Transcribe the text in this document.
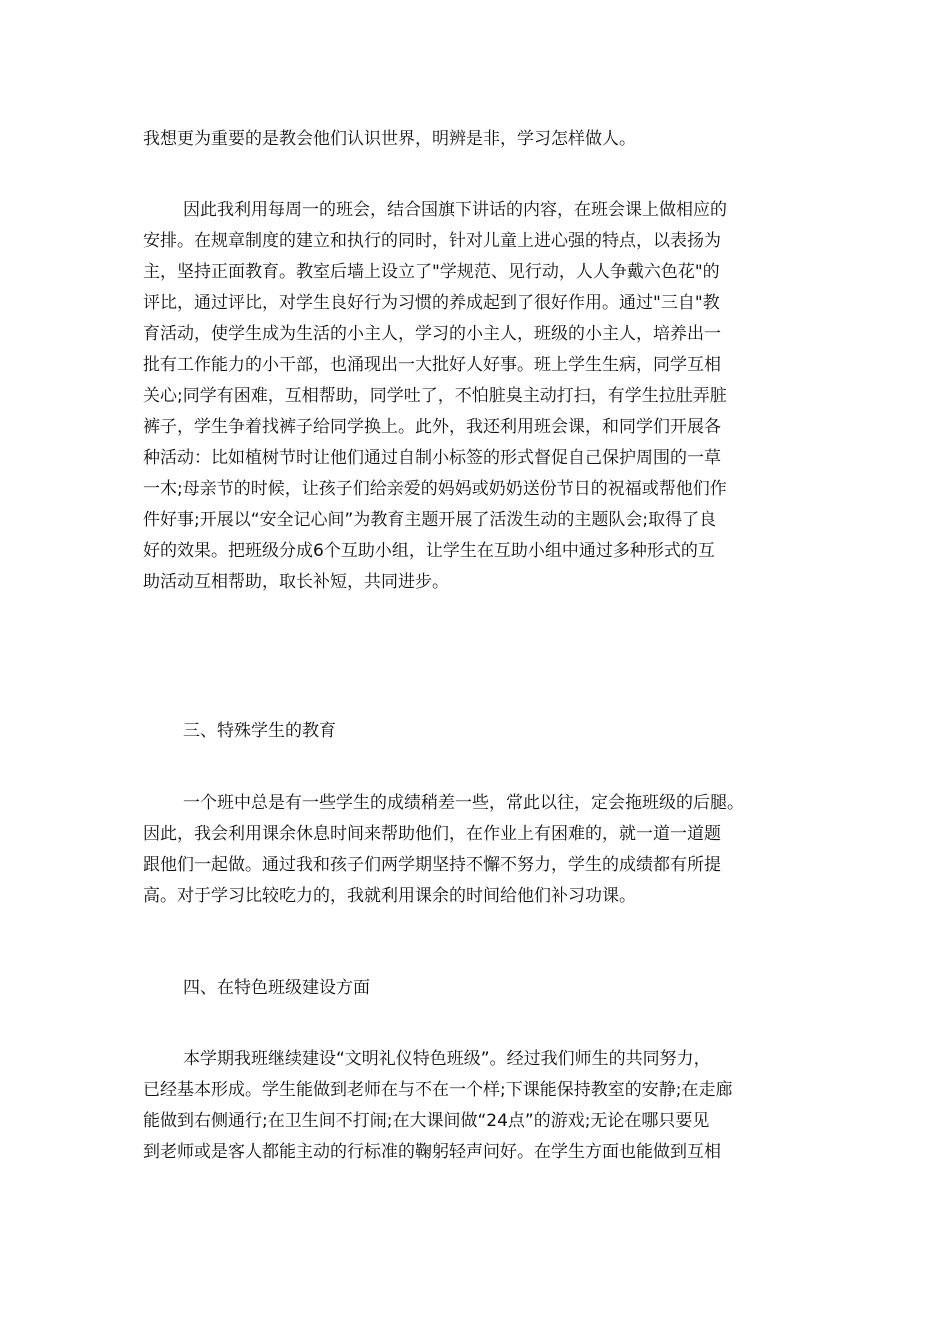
我想更为重要的是教会他们认识世界，明辨是非，学习怎样做人。
因此我利用每周一的班会，结合国旗下讲话的内容，在班会课上做相应的
安排。在规章制度的建立和执行的同时，针对儿童上进心强的特点，以表扬为
主，坚持正面教育。教室后墙上设立了"学规范、见行动，人人争戴六色花"的
评比，通过评比，对学生良好行为习惯的养成起到了很好作用。通过"三自"教
育活动，使学生成为生活的小主人，学习的小主人，班级的小主人，培养出一
批有工作能力的小干部，也涌现出一大批好人好事。班上学生生病，同学互相
关心;同学有困难，互相帮助，同学吐了，不怕脏臭主动打扫，有学生拉肚弄脏
裤子，学生争着找裤子给同学换上。此外，我还利用班会课，和同学们开展各
种活动：比如植树节时让他们通过自制小标签的形式督促自己保护周围的一草
一木;母亲节的时候，让孩子们给亲爱的妈妈或奶奶送份节日的祝福或帮他们作
件好事;开展以“安全记心间”为教育主题开展了活泼生动的主题队会;取得了良
好的效果。把班级分成6个互助小组，让学生在互助小组中通过多种形式的互
助活动互相帮助，取长补短，共同进步。
三、特殊学生的教育
一个班中总是有一些学生的成绩稍差一些，常此以往，定会拖班级的后腿。
因此，我会利用课余休息时间来帮助他们，在作业上有困难的，就一道一道题
跟他们一起做。通过我和孩子们两学期坚持不懈不努力，学生的成绩都有所提
高。对于学习比较吃力的，我就利用课余的时间给他们补习功课。
四、在特色班级建设方面
本学期我班继续建设“文明礼仪特色班级”。经过我们师生的共同努力，
已经基本形成。学生能做到老师在与不在一个样;下课能保持教室的安静;在走廊
能做到右侧通行;在卫生间不打闹;在大课间做“24点”的游戏;无论在哪只要见
到老师或是客人都能主动的行标准的鞠躬轻声问好。在学生方面也能做到互相
